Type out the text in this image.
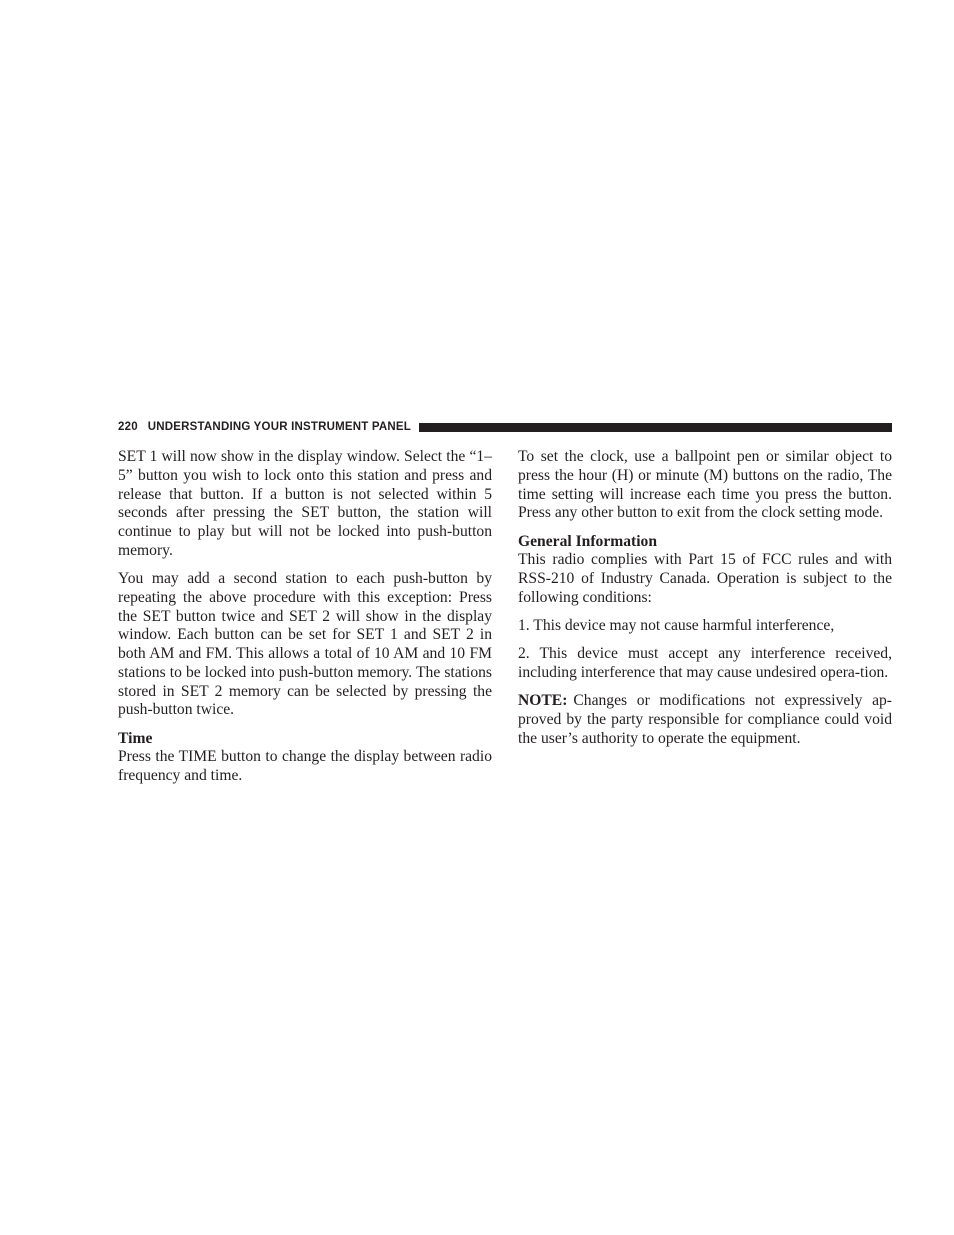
220 UNDERSTANDING YOUR INSTRUMENT PANEL

SET 1 will now show in the display window. Select the “1–5” button you wish to lock onto this station and press and release that button. If a button is not selected within 5 seconds after pressing the SET button, the station will continue to play but will not be locked into push-button memory.

You may add a second station to each push-button by repeating the above procedure with this exception: Press the SET button twice and SET 2 will show in the display window. Each button can be set for SET 1 and SET 2 in both AM and FM. This allows a total of 10 AM and 10 FM stations to be locked into push-button memory. The stations stored in SET 2 memory can be selected by pressing the push-button twice.

Time

Press the TIME button to change the display between radio frequency and time.

To set the clock, use a ballpoint pen or similar object to press the hour (H) or minute (M) buttons on the radio, The time setting will increase each time you press the button. Press any other button to exit from the clock setting mode.

General Information

This radio complies with Part 15 of FCC rules and with RSS-210 of Industry Canada. Operation is subject to the following conditions:

1. This device may not cause harmful interference,

2. This device must accept any interference received, including interference that may cause undesired opera-tion.

NOTE: Changes or modifications not expressively ap-proved by the party responsible for compliance could void the user’s authority to operate the equipment.
